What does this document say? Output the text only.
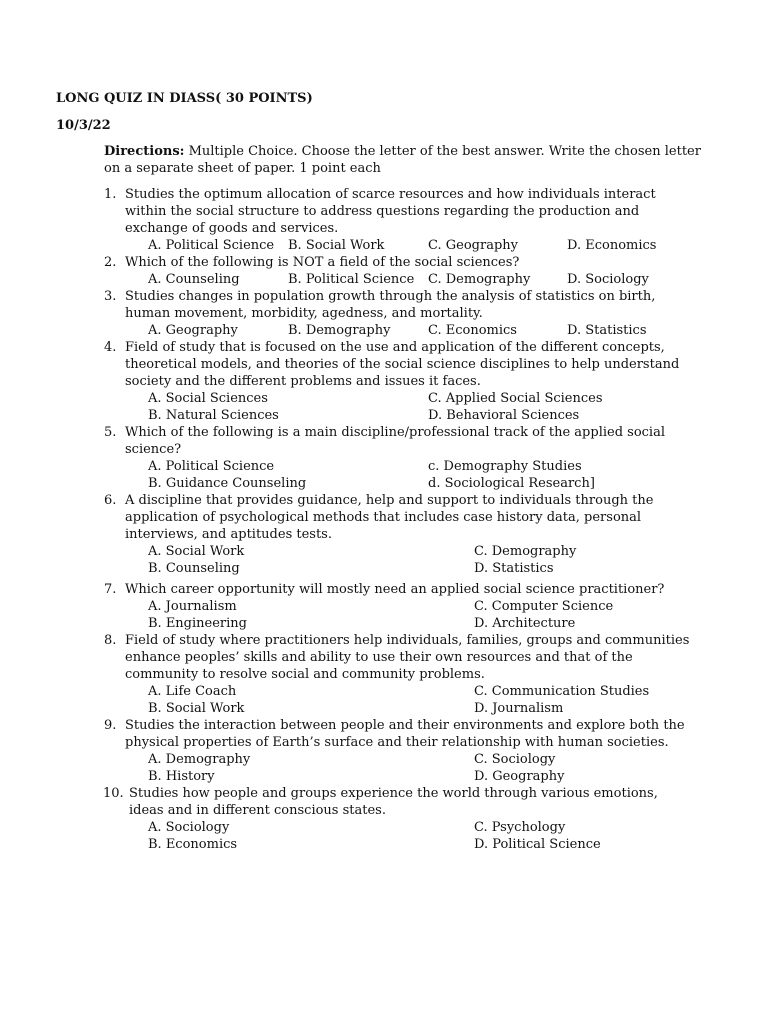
LONG QUIZ IN DIASS( 30 POINTS)
10/3/22
Directions: Multiple Choice. Choose the letter of the best answer. Write the chosen letter on a separate sheet of paper. 1 point each
1. Studies the optimum allocation of scarce resources and how individuals interact within the social structure to address questions regarding the production and exchange of goods and services.
A. Political Science B. Social Work	C. Geography	D. Economics
2. Which of the following is NOT a field of the social sciences?
A. Counseling	B. Political Science C. Demography	D. Sociology
3. Studies changes in population growth through the analysis of statistics on birth, human movement, morbidity, agedness, and mortality.
A. Geography	B. Demography	C. Economics	D. Statistics
4. Field of study that is focused on the use and application of the different concepts, theoretical models, and theories of the social science disciplines to help understand society and the different problems and issues it faces.
A. Social Sciences	C. Applied Social Sciences
B. Natural Sciences	D. Behavioral Sciences
5. Which of the following is a main discipline/professional track of the applied social science?
A. Political Science	c. Demography Studies
B. Guidance Counseling	d. Sociological Research]
6. A discipline that provides guidance, help and support to individuals through the application of psychological methods that includes case history data, personal interviews, and aptitudes tests.
A. Social Work	C. Demography
B. Counseling	D. Statistics
7. Which career opportunity will mostly need an applied social science practitioner?
A. Journalism	C. Computer Science
B. Engineering	D. Architecture
8. Field of study where practitioners help individuals, families, groups and communities enhance peoples’ skills and ability to use their own resources and that of the community to resolve social and community problems.
A. Life Coach	C. Communication Studies
B. Social Work	D. Journalism
9. Studies the interaction between people and their environments and explore both the physical properties of Earth’s surface and their relationship with human societies.
A. Demography	C. Sociology
B. History	D. Geography
10. Studies how people and groups experience the world through various emotions, ideas and in different conscious states.
A. Sociology	C. Psychology
B. Economics	D. Political Science
